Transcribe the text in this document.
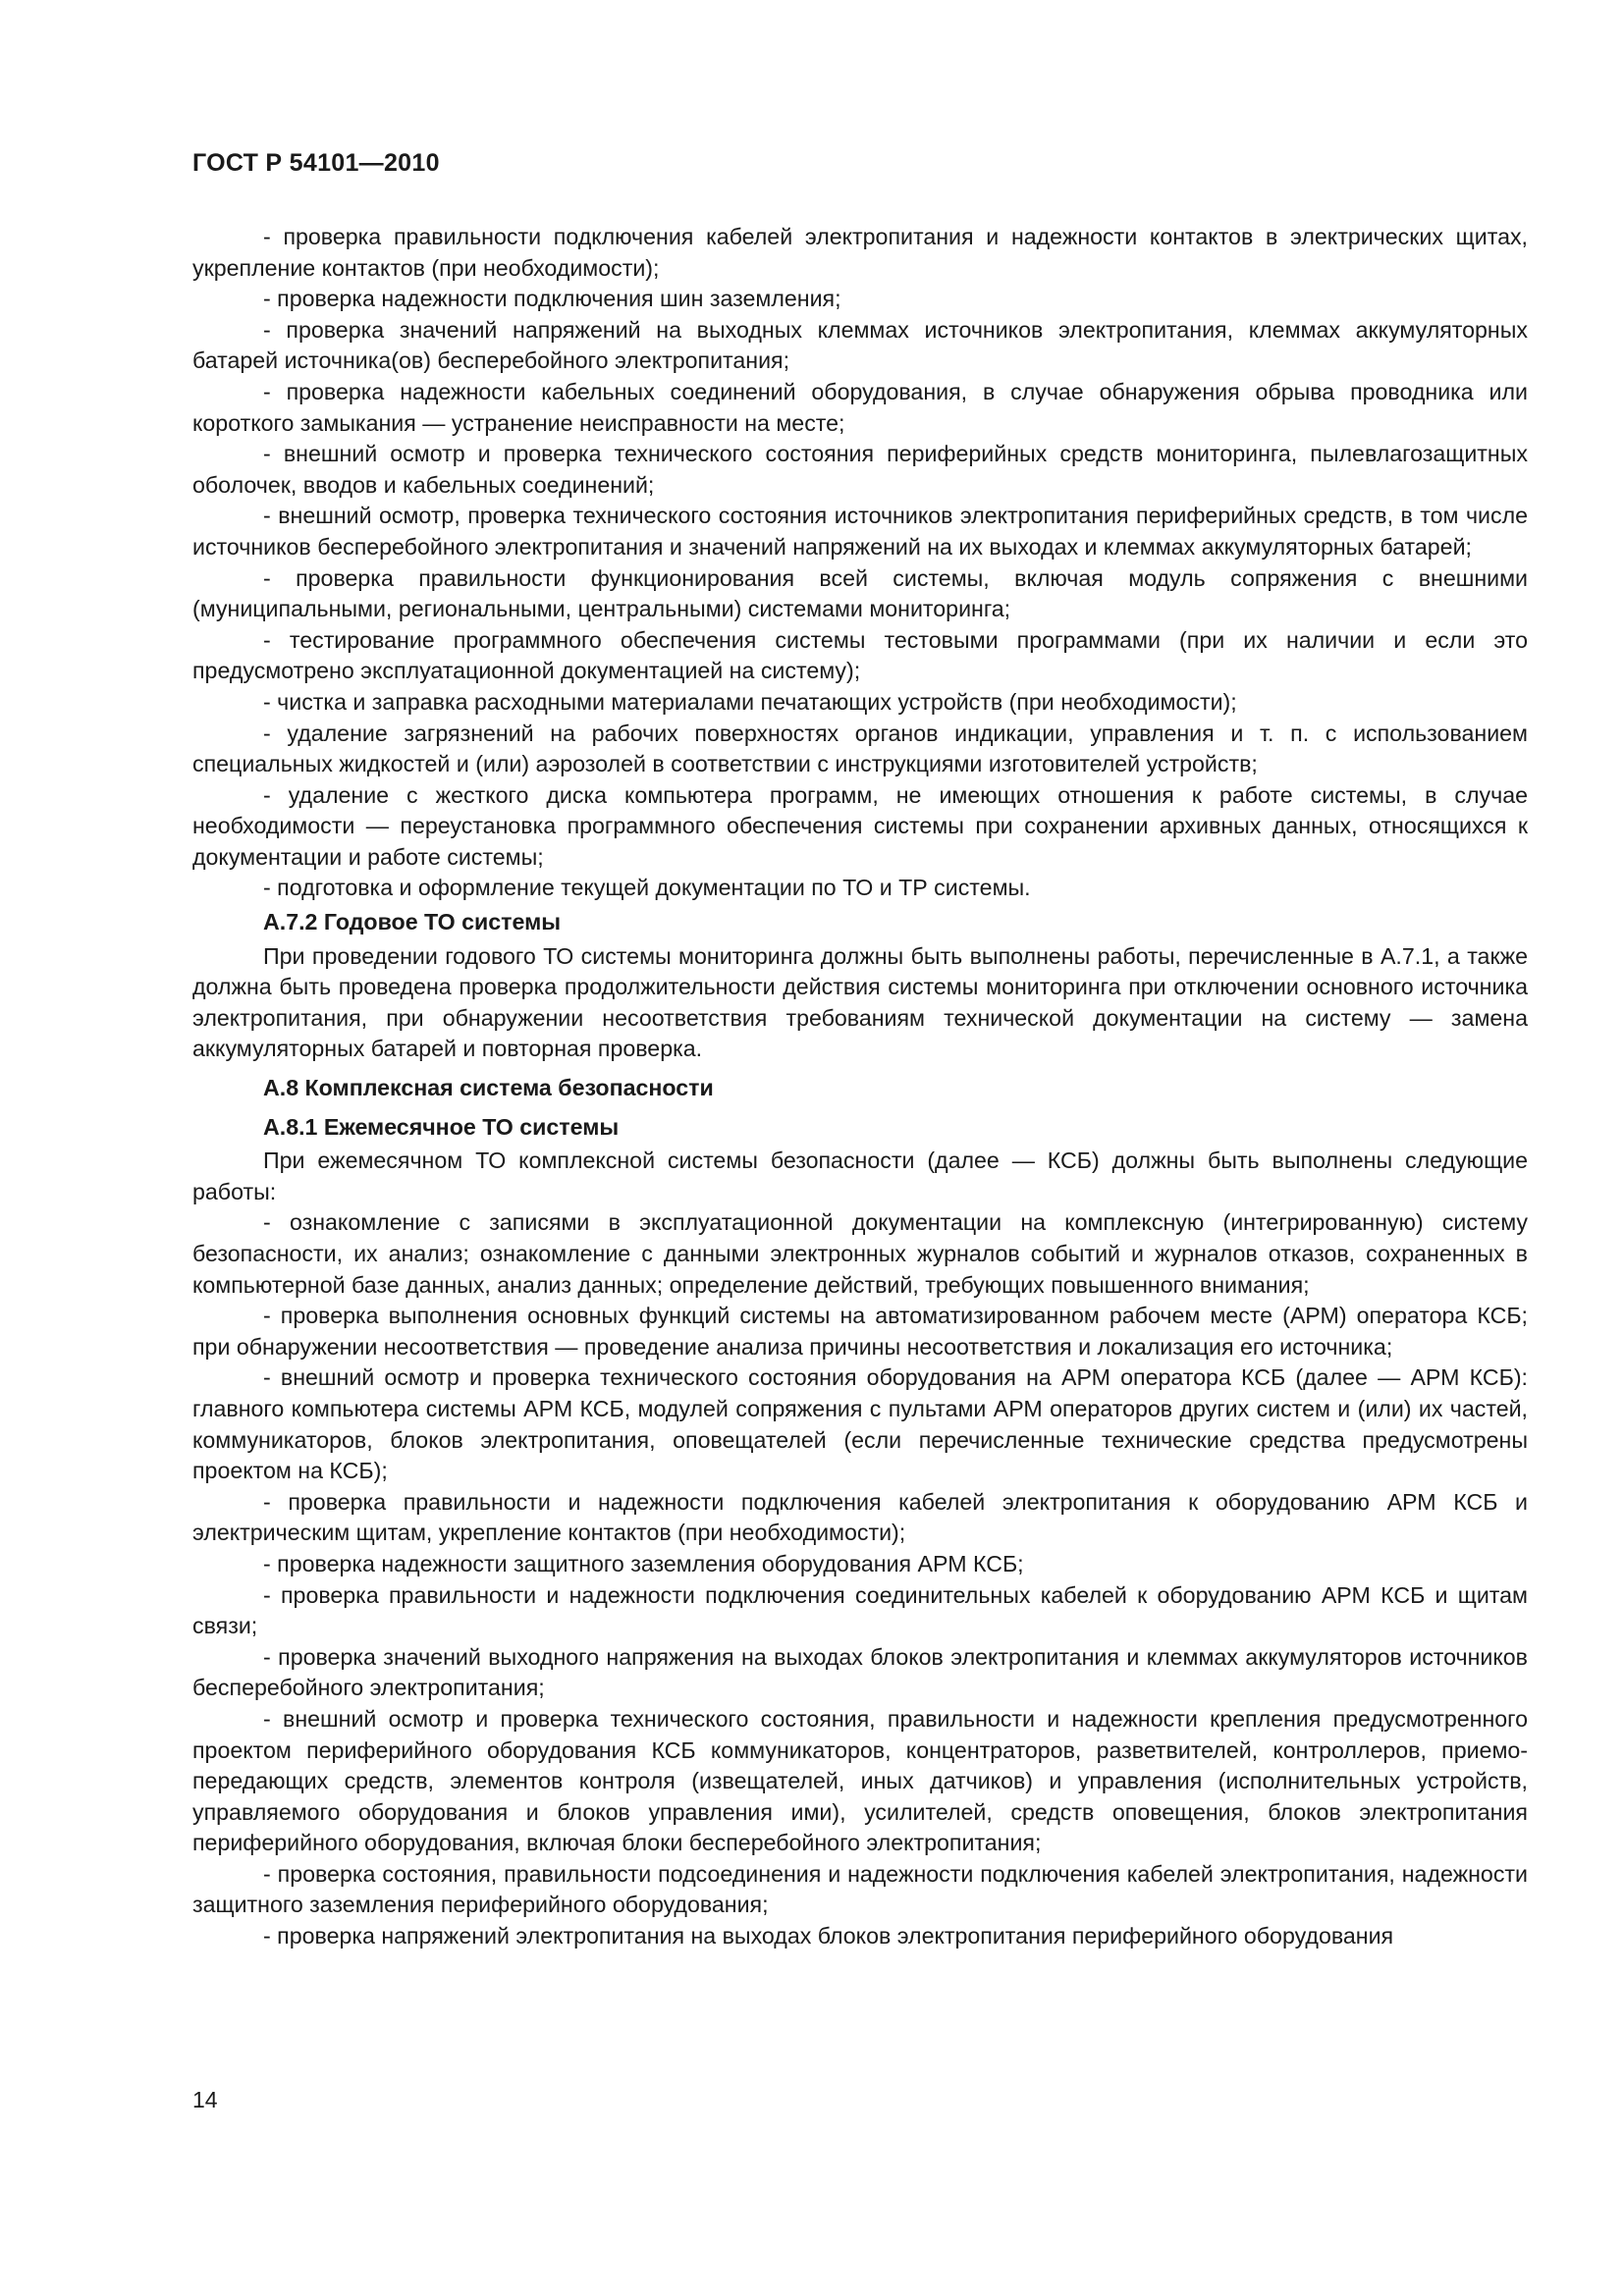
ГОСТ Р 54101—2010

- проверка правильности подключения кабелей электропитания и надежности контактов в электрических щитах, укрепление контактов (при необходимости);

- проверка надежности подключения шин заземления;

- проверка значений напряжений на выходных клеммах источников электропитания, клеммах аккумуляторных батарей источника(ов) бесперебойного электропитания;

- проверка надежности кабельных соединений оборудования, в случае обнаружения обрыва проводника или короткого замыкания — устранение неисправности на месте;

- внешний осмотр и проверка технического состояния периферийных средств мониторинга, пылевлагозащитных оболочек, вводов и кабельных соединений;

- внешний осмотр, проверка технического состояния источников электропитания периферийных средств, в том числе источников бесперебойного электропитания и значений напряжений на их выходах и клеммах аккумуляторных батарей;

- проверка правильности функционирования всей системы, включая модуль сопряжения с внешними (муниципальными, региональными, центральными) системами мониторинга;

- тестирование программного обеспечения системы тестовыми программами (при их наличии и если это предусмотрено эксплуатационной документацией на систему);

- чистка и заправка расходными материалами печатающих устройств (при необходимости);

- удаление загрязнений на рабочих поверхностях органов индикации, управления и т. п. с использованием специальных жидкостей и (или) аэрозолей в соответствии с инструкциями изготовителей устройств;

- удаление с жесткого диска компьютера программ, не имеющих отношения к работе системы, в случае необходимости — переустановка программного обеспечения системы при сохранении архивных данных, относящихся к документации и работе системы;

- подготовка и оформление текущей документации по ТО и ТР системы.

А.7.2 Годовое ТО системы

При проведении годового ТО системы мониторинга должны быть выполнены работы, перечисленные в А.7.1, а также должна быть проведена проверка продолжительности действия системы мониторинга при отключении основного источника электропитания, при обнаружении несоответствия требованиям технической документации на систему — замена аккумуляторных батарей и повторная проверка.

А.8 Комплексная система безопасности

А.8.1 Ежемесячное ТО системы

При ежемесячном ТО комплексной системы безопасности (далее — КСБ) должны быть выполнены следующие работы:

- ознакомление с записями в эксплуатационной документации на комплексную (интегрированную) систему безопасности, их анализ; ознакомление с данными электронных журналов событий и журналов отказов, сохраненных в компьютерной базе данных, анализ данных; определение действий, требующих повышенного внимания;

- проверка выполнения основных функций системы на автоматизированном рабочем месте (АРМ) оператора КСБ; при обнаружении несоответствия — проведение анализа причины несоответствия и локализация его источника;

- внешний осмотр и проверка технического состояния оборудования на АРМ оператора КСБ (далее — АРМ КСБ): главного компьютера системы АРМ КСБ, модулей сопряжения с пультами АРМ операторов других систем и (или) их частей, коммуникаторов, блоков электропитания, оповещателей (если перечисленные технические средства предусмотрены проектом на КСБ);

- проверка правильности и надежности подключения кабелей электропитания к оборудованию АРМ КСБ и электрическим щитам, укрепление контактов (при необходимости);

- проверка надежности защитного заземления оборудования АРМ КСБ;

- проверка правильности и надежности подключения соединительных кабелей к оборудованию АРМ КСБ и щитам связи;

- проверка значений выходного напряжения на выходах блоков электропитания и клеммах аккумуляторов источников бесперебойного электропитания;

- внешний осмотр и проверка технического состояния, правильности и надежности крепления предусмотренного проектом периферийного оборудования КСБ коммуникаторов, концентраторов, разветвителей, контроллеров, приемо-передающих средств, элементов контроля (извещателей, иных датчиков) и управления (исполнительных устройств, управляемого оборудования и блоков управления ими), усилителей, средств оповещения, блоков электропитания периферийного оборудования, включая блоки бесперебойного электропитания;

- проверка состояния, правильности подсоединения и надежности подключения кабелей электропитания, надежности защитного заземления периферийного оборудования;

- проверка напряжений электропитания на выходах блоков электропитания периферийного оборудования

14
